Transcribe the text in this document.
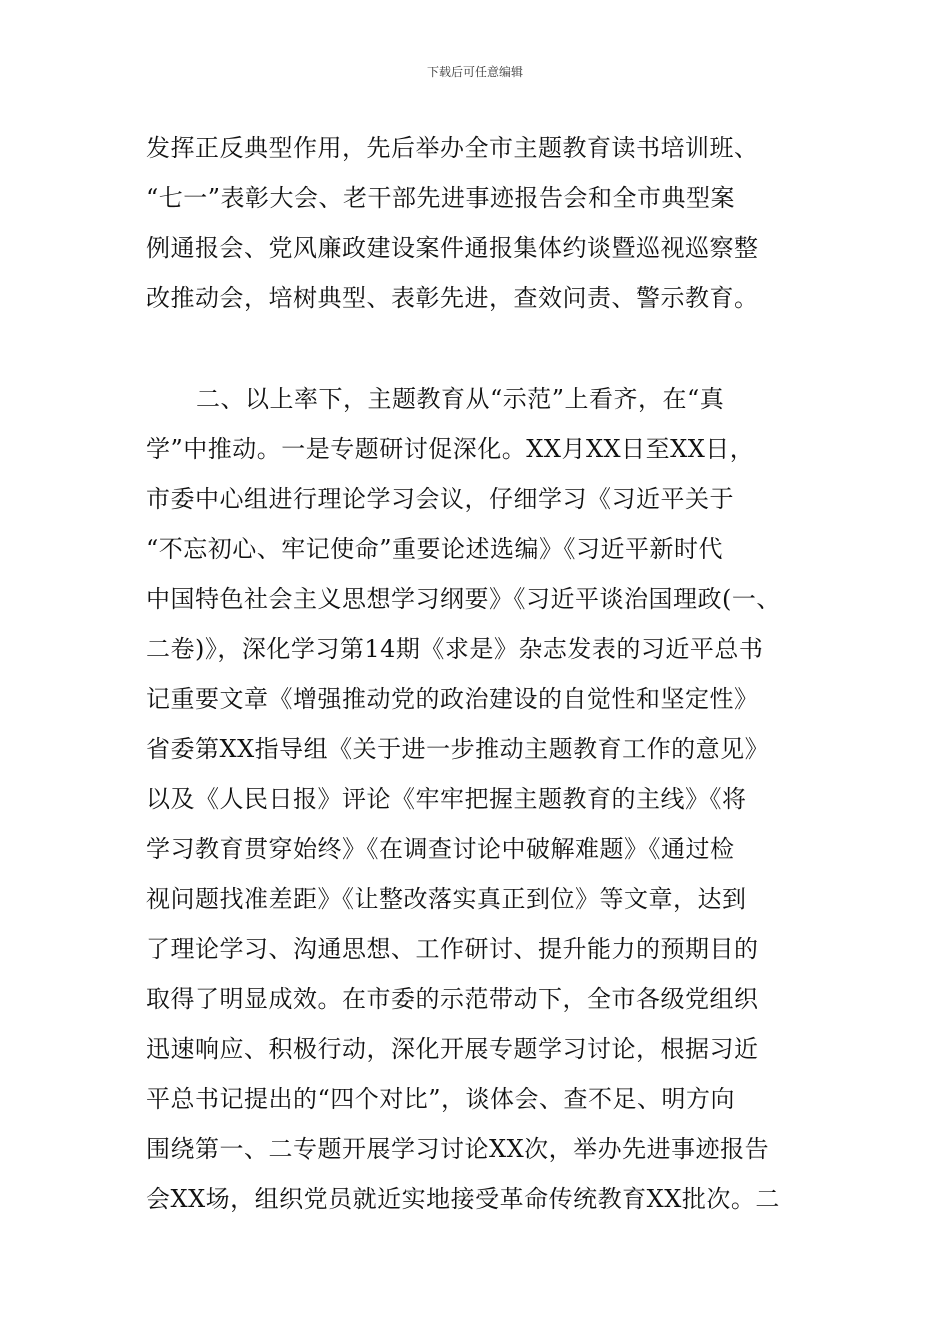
下载后可任意编辑
发挥正反典型作用，先后举办全市主题教育读书培训班、
“七一”表彰大会、老干部先进事迹报告会和全市典型案
例通报会、党风廉政建设案件通报集体约谈暨巡视巡察整
改推动会，培树典型、表彰先进，查效问责、警示教育。
二、以上率下，主题教育从“示范”上看齐，在“真
学”中推动。一是专题研讨促深化。XX月XX日至XX日，
市委中心组进行理论学习会议，仔细学习《习近平关于
“不忘初心、牢记使命”重要论述选编》《习近平新时代
中国特色社会主义思想学习纲要》《习近平谈治国理政(一、
二卷)》，深化学习第14期《求是》杂志发表的习近平总书
记重要文章《增强推动党的政治建设的自觉性和坚定性》
省委第XX指导组《关于进一步推动主题教育工作的意见》
以及《人民日报》评论《牢牢把握主题教育的主线》《将
学习教育贯穿始终》《在调查讨论中破解难题》《通过检
视问题找准差距》《让整改落实真正到位》等文章，达到
了理论学习、沟通思想、工作研讨、提升能力的预期目的
取得了明显成效。在市委的示范带动下，全市各级党组织
迅速响应、积极行动，深化开展专题学习讨论，根据习近
平总书记提出的“四个对比”，谈体会、查不足、明方向
围绕第一、二专题开展学习讨论XX次，举办先进事迹报告
会XX场，组织党员就近实地接受革命传统教育XX批次。二
